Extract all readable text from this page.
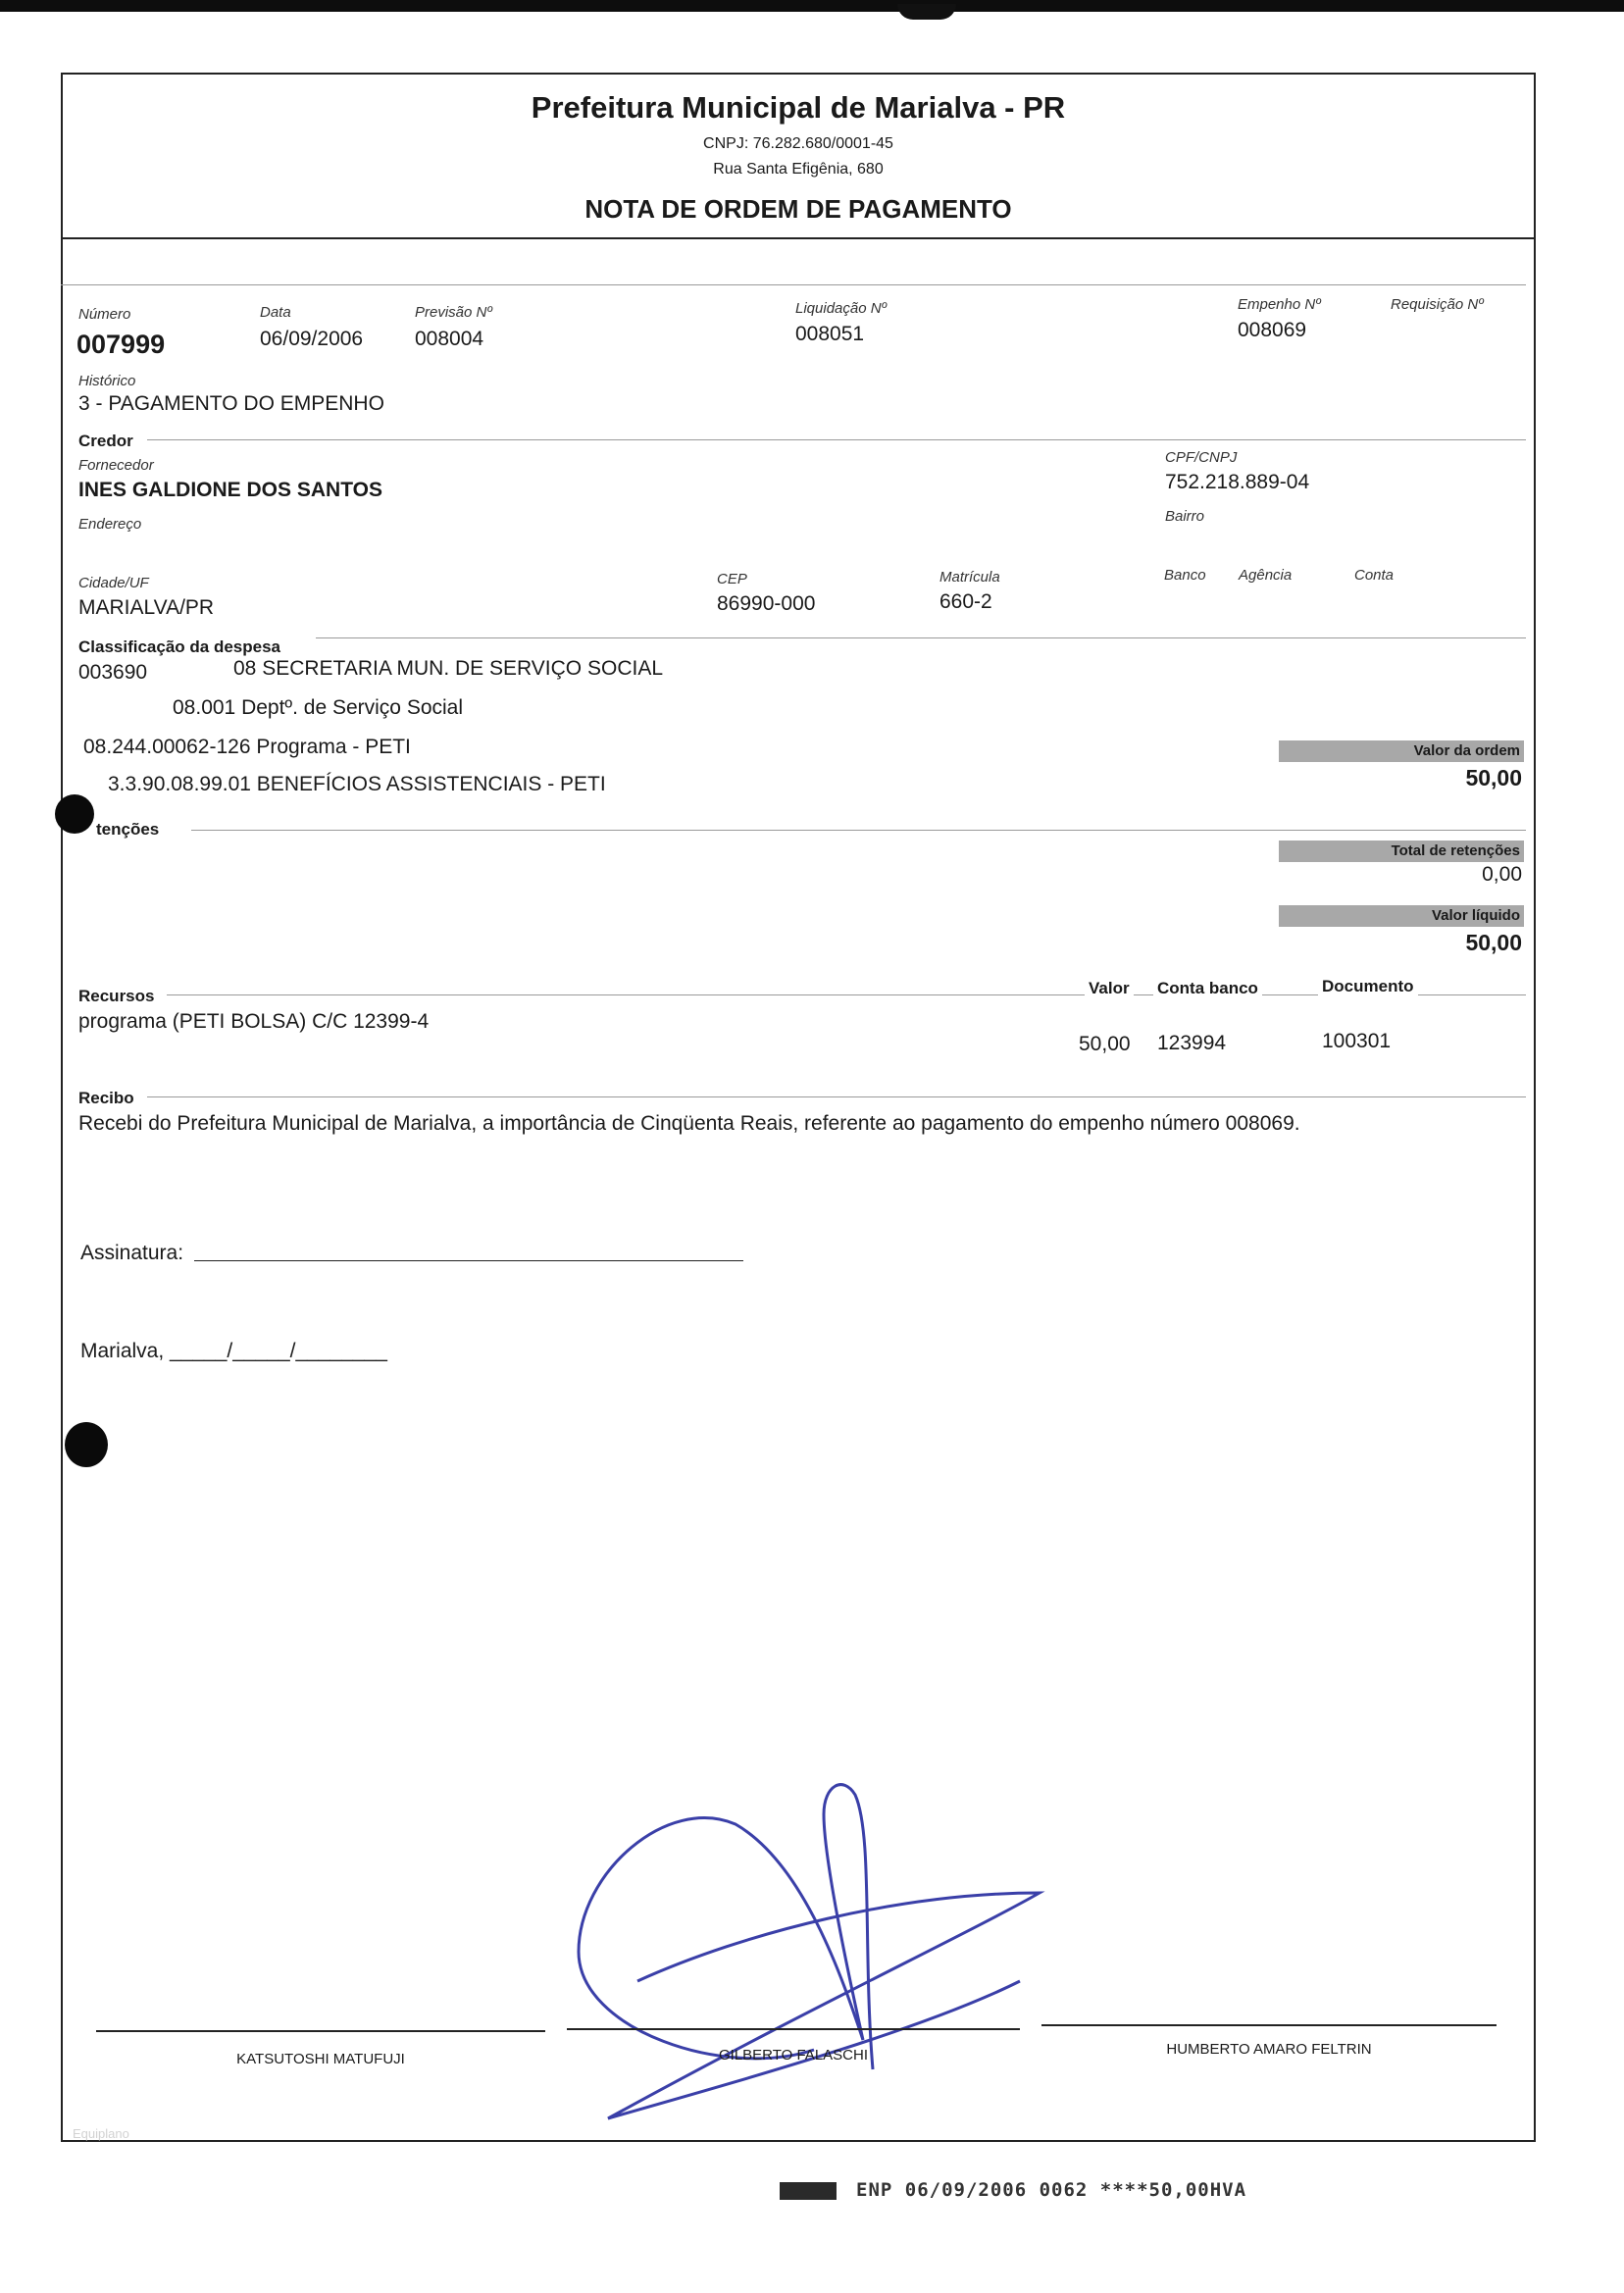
Prefeitura Municipal de Marialva - PR
CNPJ: 76.282.680/0001-45
Rua Santa Efigênia, 680
NOTA DE ORDEM DE PAGAMENTO
Número
007999
Data
06/09/2006
Previsão Nº
008004
Liquidação Nº
008051
Empenho Nº
008069
Requisição Nº
Histórico
3 - PAGAMENTO DO EMPENHO
Credor
Fornecedor
INES GALDIONE DOS SANTOS
CPF/CNPJ
752.218.889-04
Endereço	Bairro
Cidade/UF
MARIALVA/PR
CEP
86990-000
Matrícula
660-2
Banco Agência	Conta
Classificação da despesa
003690	08 SECRETARIA MUN. DE SERVIÇO SOCIAL
08.001 Deptº. de Serviço Social
08.244.00062-126 Programa - PETI
3.3.90.08.99.01 BENEFÍCIOS ASSISTENCIAIS - PETI
Valor da ordem
50,00
tenções
Total de retenções
0,00
Valor líquido
50,00
Recursos	Valor Conta banco	Documento
programa (PETI BOLSA) C/C 12399-4
50,00 123994	100301
Recibo
Recebi do Prefeitura Municipal de Marialva, a importância de Cinqüenta Reais, referente ao pagamento do empenho número 008069.
Assinatura:
Marialva, _____/_____/________
KATSUTOSHI MATUFUJI	GILBERTO FALASCHI	HUMBERTO AMARO FELTRIN
Equiplano
ENP 06/09/2006 0062 ****50,00HVA
